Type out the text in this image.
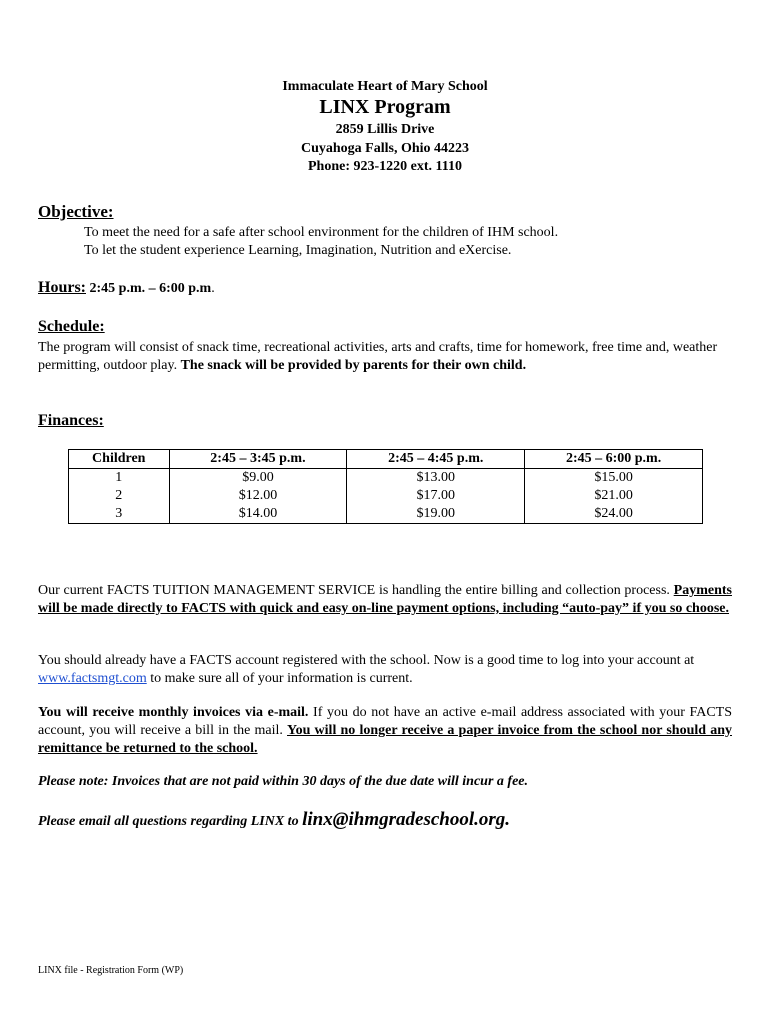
Immaculate Heart of Mary School
LINX Program
2859 Lillis Drive
Cuyahoga Falls, Ohio 44223
Phone: 923-1220 ext. 1110
Objective:
To meet the need for a safe after school environment for the children of IHM school.
To let the student experience Learning, Imagination, Nutrition and eXercise.
Hours: 2:45 p.m. – 6:00 p.m.
Schedule:
The program will consist of snack time, recreational activities, arts and crafts, time for homework, free time and, weather permitting, outdoor play. The snack will be provided by parents for their own child.
Finances:
Children	2:45 – 3:45 p.m.	2:45 – 4:45 p.m.	2:45 – 6:00 p.m.
1	$9.00	$13.00	$15.00
2	$12.00	$17.00	$21.00
3	$14.00	$19.00	$24.00
Our current FACTS TUITION MANAGEMENT SERVICE is handling the entire billing and collection process. Payments will be made directly to FACTS with quick and easy on-line payment options, including “auto-pay” if you so choose.
You should already have a FACTS account registered with the school. Now is a good time to log into your account at www.factsmgt.com to make sure all of your information is current.
You will receive monthly invoices via e-mail. If you do not have an active e-mail address associated with your FACTS account, you will receive a bill in the mail. You will no longer receive a paper invoice from the school nor should any remittance be returned to the school.
Please note: Invoices that are not paid within 30 days of the due date will incur a fee.
Please email all questions regarding LINX to linx@ihmgradeschool.org.
LINX file - Registration Form (WP)
